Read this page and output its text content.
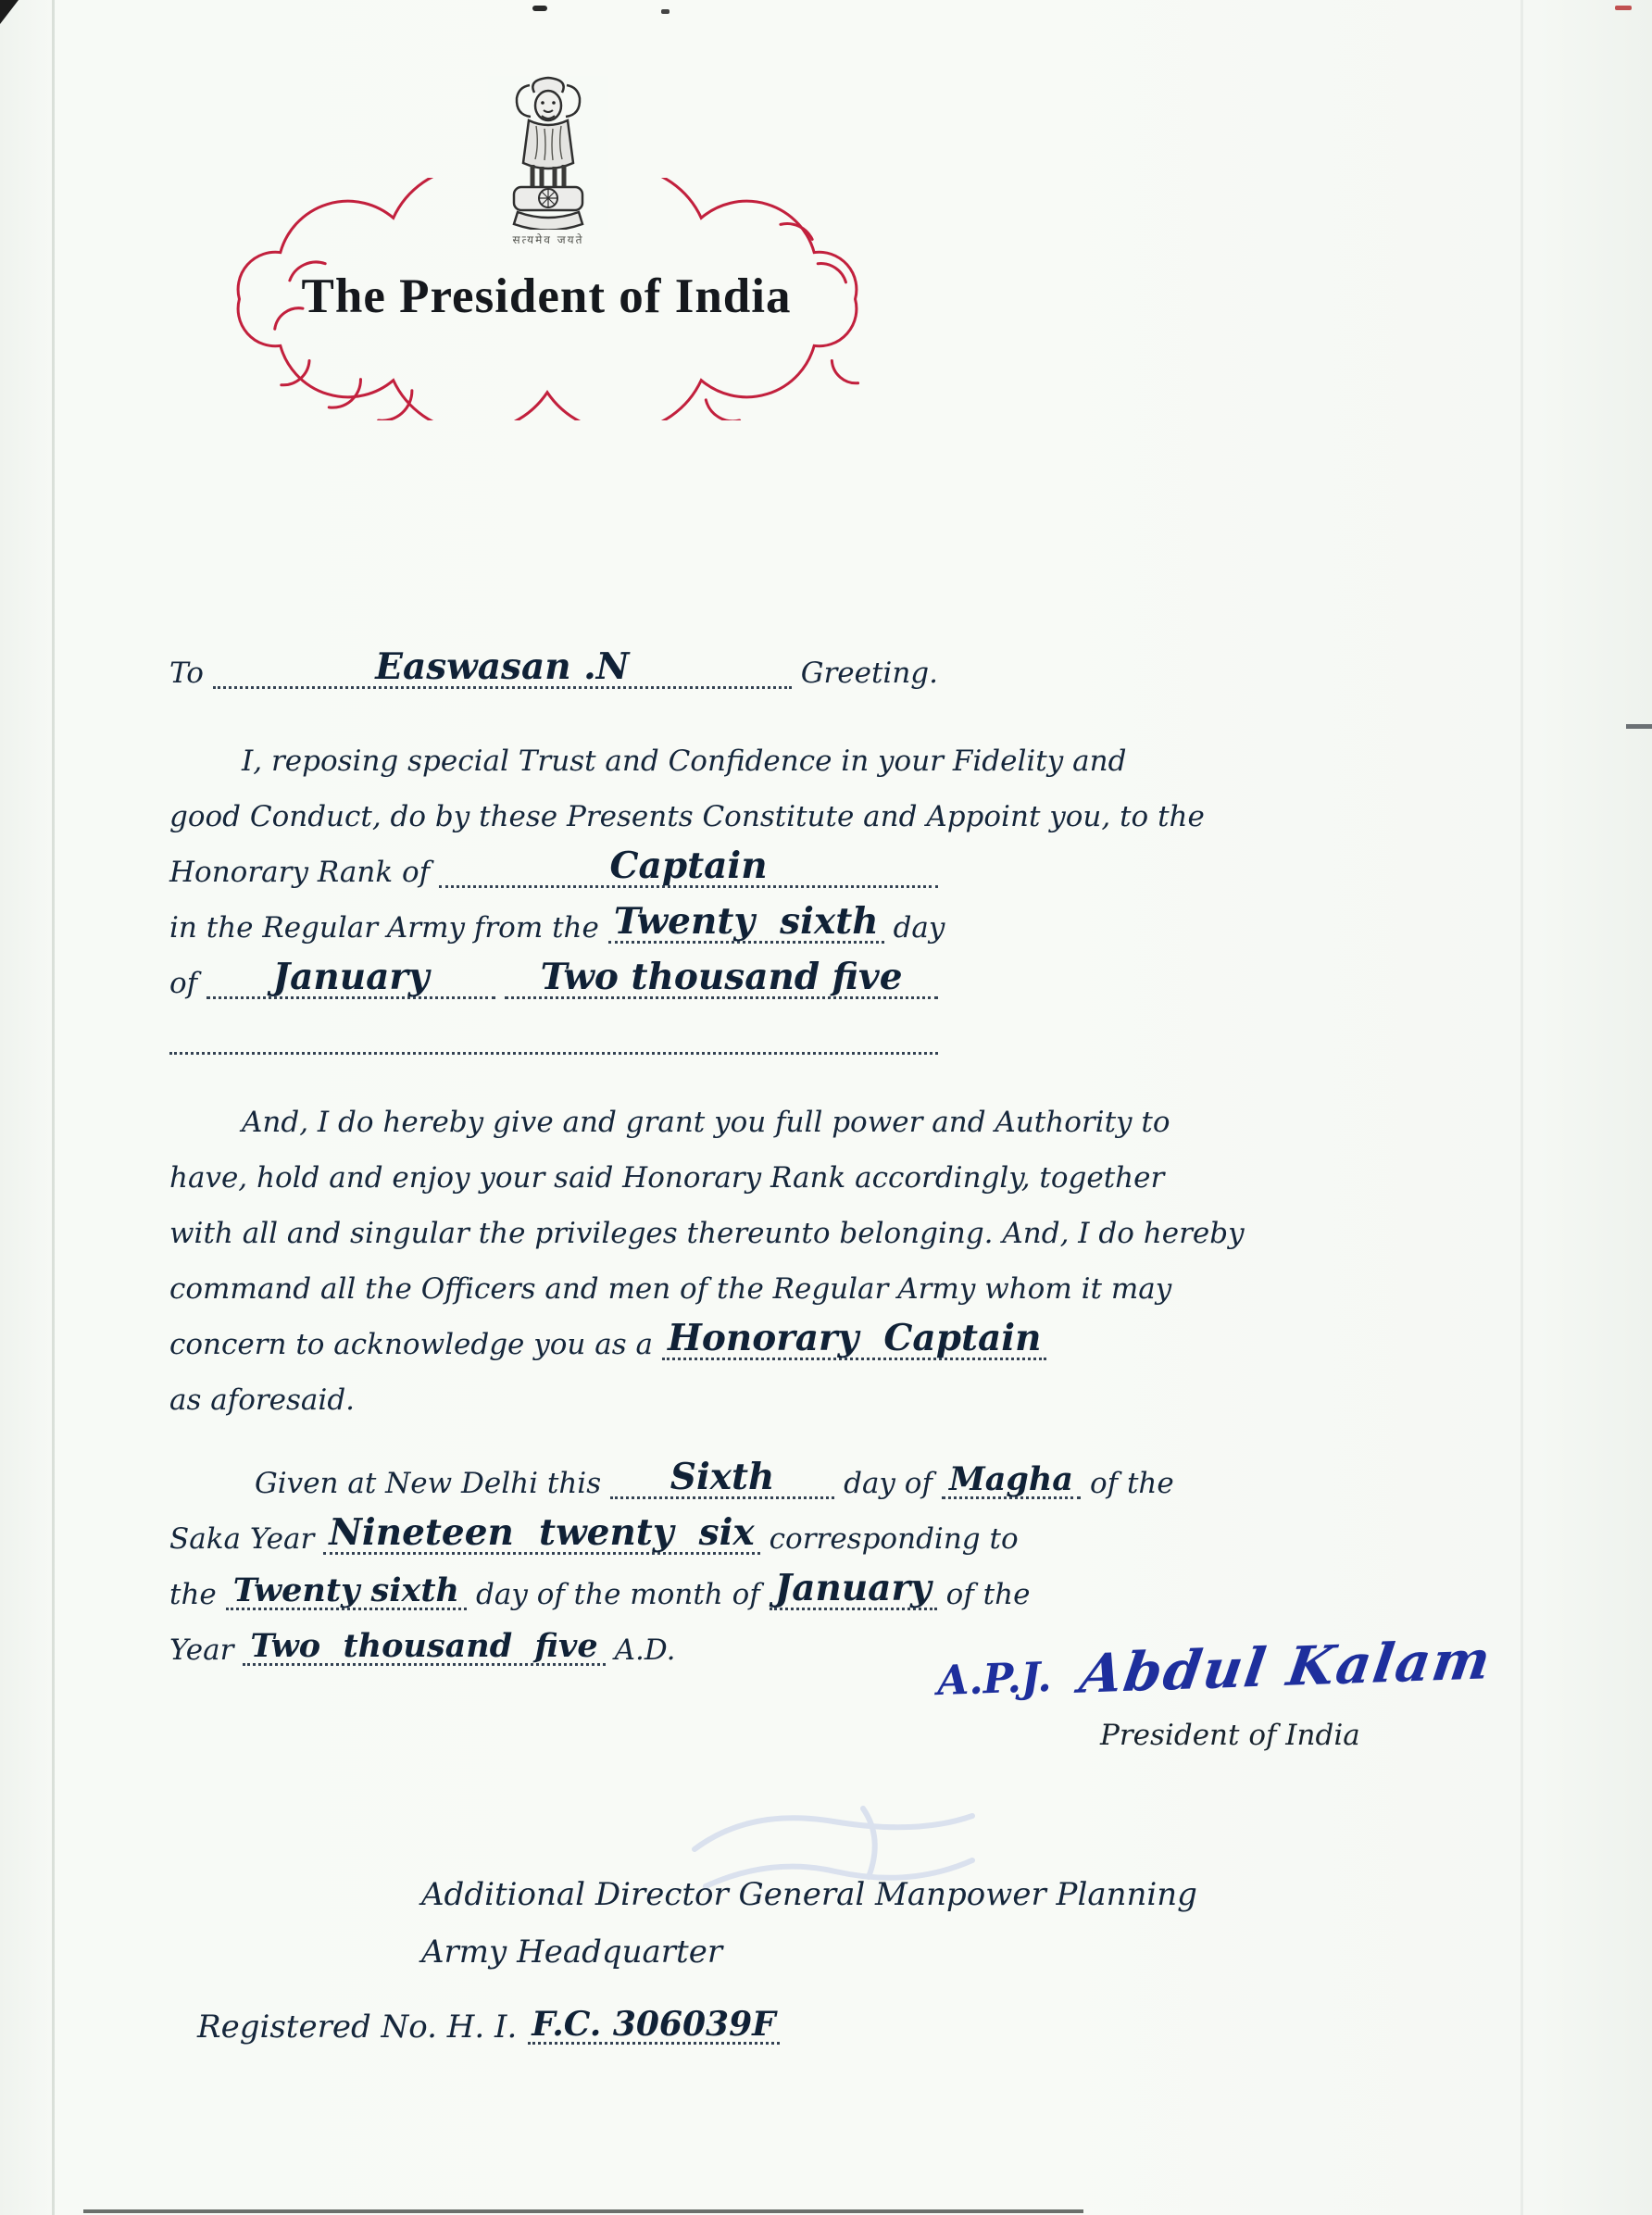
सत्यमेव जयते
The President of India
To	Easwasan .N	Greeting.
I, reposing special Trust and Confidence in your Fidelity and
good Conduct, do by these Presents Constitute and Appoint you, to the
Honorary Rank of	Captain
in the Regular Army from the Twenty  sixth day
of	January	Two thousand five
And, I do hereby give and grant you full power and Authority to
have, hold and enjoy your said Honorary Rank accordingly, together
with all and singular the privileges thereunto belonging. And, I do hereby
command all the Officers and men of the Regular Army whom it may
concern to acknowledge you as a Honorary  Captain
as aforesaid.
Given at New Delhi this	Sixth	day of Magha of the
Saka Year Nineteen  twenty  six corresponding to
the Twenty sixth day of the month of January of the
Year Two  thousand  five A.D.
A.P.J. Abdul Kalam
President of India
Additional Director General Manpower Planning
Army Headquarter
Registered No. H. I. F.C. 306039F
